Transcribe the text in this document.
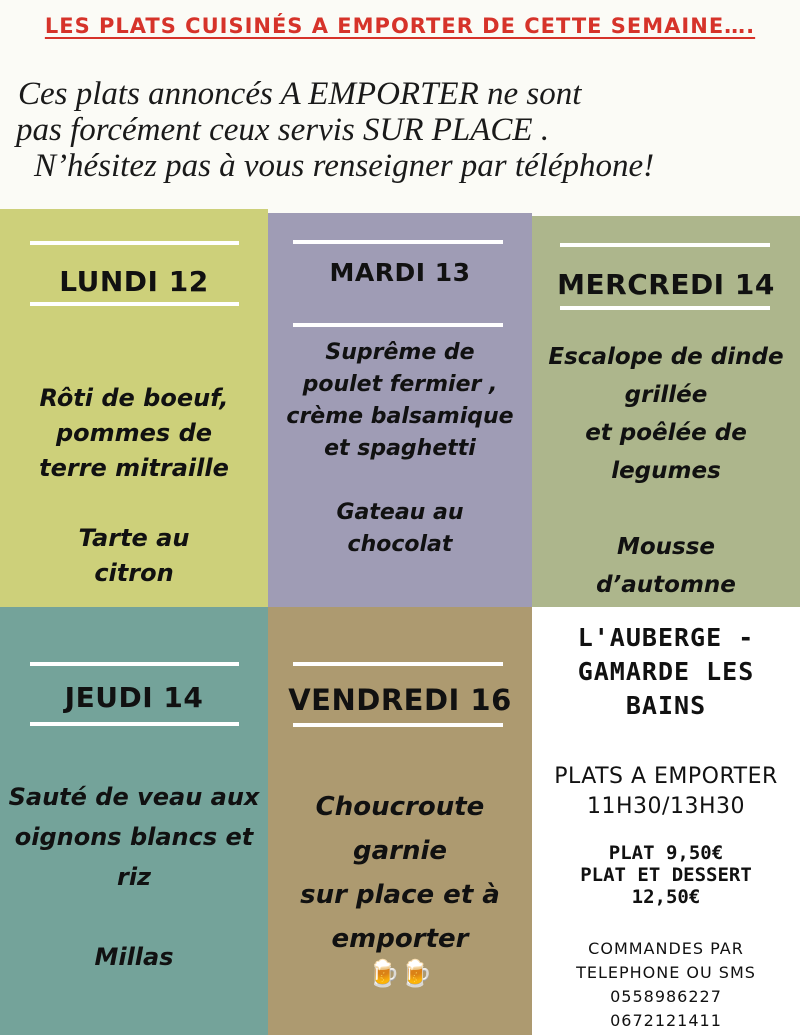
LES PLATS CUISINÉS A EMPORTER DE CETTE SEMAINE….
Ces plats annoncés A EMPORTER ne sont
pas forcément ceux servis SUR PLACE .
N’hésitez pas à vous renseigner par téléphone!
LUNDI 12
Rôti de boeuf,
pommes de
terre mitraille

Tarte au
citron
MARDI 13
Suprême de
poulet fermier ,
crème balsamique
et spaghetti

Gateau au
chocolat
MERCREDI 14
Escalope de dinde
grillée
et poêlée de
legumes

Mousse
d’automne
JEUDI 14
Sauté de veau aux
oignons blancs et
riz

Millas
VENDREDI 16
Choucroute
garnie
sur place et à
emporter
🍺🍺
L'AUBERGE -
GAMARDE LES
BAINS
PLATS A EMPORTER
11H30/13H30
PLAT 9,50€
PLAT ET DESSERT
12,50€
COMMANDES PAR
TELEPHONE OU SMS
0558986227
0672121411
